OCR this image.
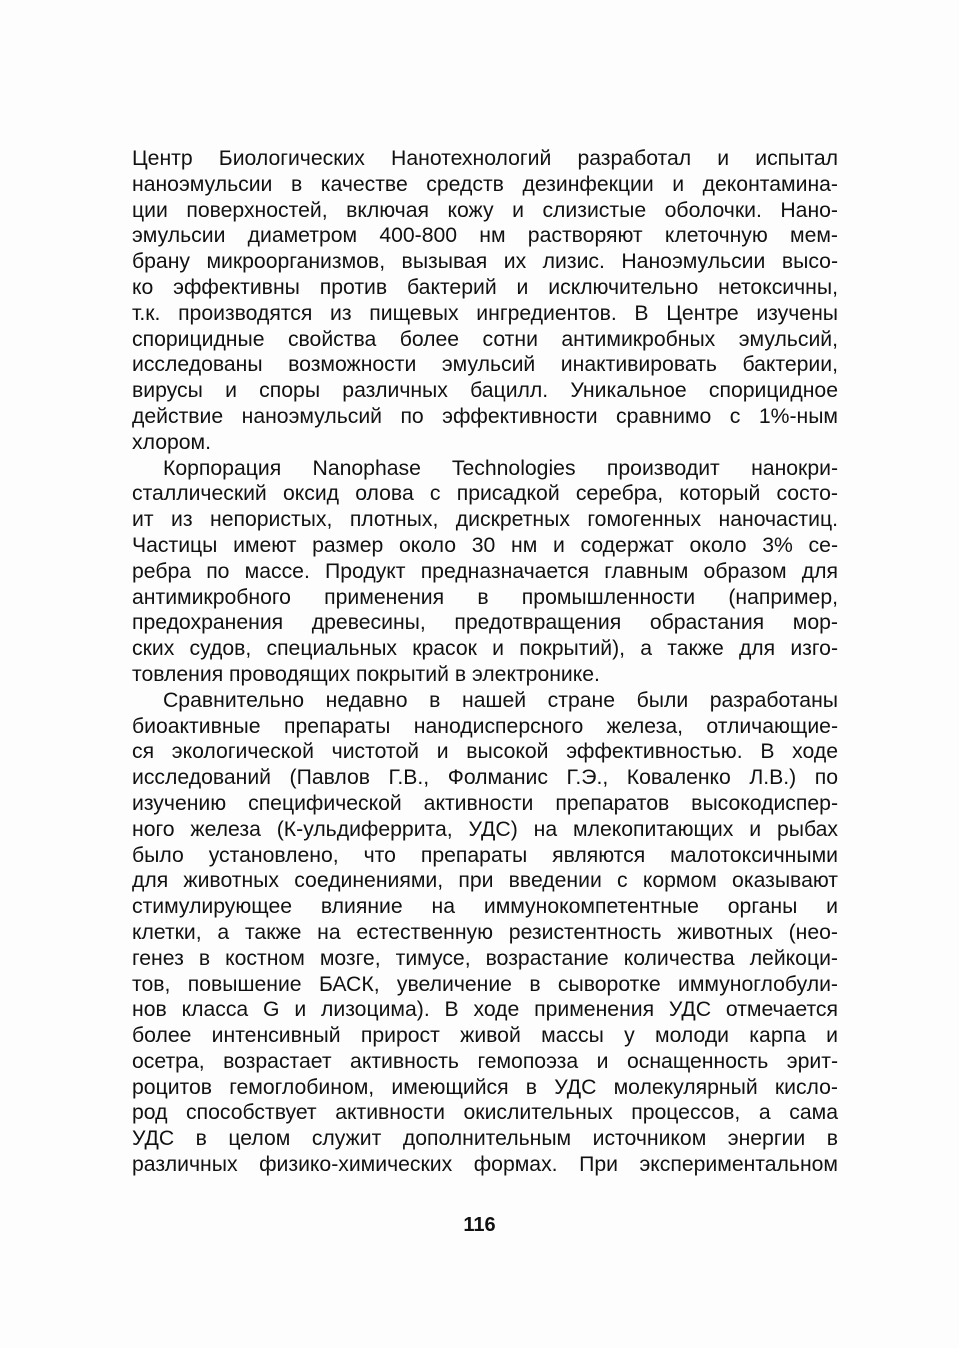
Центр Биологических Нанотехнологий разработал и испытал
наноэмульсии в качестве средств дезинфекции и деконтамина-
ции поверхностей, включая кожу и слизистые оболочки. Нано-
эмульсии диаметром 400-800 нм растворяют клеточную мем-
брану микроорганизмов, вызывая их лизис. Наноэмульсии высо-
ко эффективны против бактерий и исключительно нетоксичны,
т.к. производятся из пищевых ингредиентов. В Центре изучены
спорицидные свойства более сотни антимикробных эмульсий,
исследованы возможности эмульсий инактивировать бактерии,
вирусы и споры различных бацилл. Уникальное спорицидное
действие наноэмульсий по эффективности сравнимо с 1%-ным
хлором.
Корпорация Nanophase Technologies производит нанокри-
сталлический оксид олова с присадкой серебра, который состо-
ит из непористых, плотных, дискретных гомогенных наночастиц.
Частицы имеют размер около 30 нм и содержат около 3% се-
ребра по массе. Продукт предназначается главным образом для
антимикробного применения в промышленности (например,
предохранения древесины, предотвращения обрастания мор-
ских судов, специальных красок и покрытий), а также для изго-
товления проводящих покрытий в электронике.
Сравнительно недавно в нашей стране были разработаны
биоактивные препараты нанодисперсного железа, отличающие-
ся экологической чистотой и высокой эффективностью. В ходе
исследований (Павлов Г.В., Фолманис Г.Э., Коваленко Л.В.) по
изучению специфической активности препаратов высокодиспер-
ного железа (К-ульдиферрита, УДС) на млекопитающих и рыбах
было установлено, что препараты являются малотоксичными
для животных соединениями, при введении с кормом оказывают
стимулирующее влияние на иммунокомпетентные органы и
клетки, а также на естественную резистентность животных (нео-
генез в костном мозге, тимусе, возрастание количества лейкоци-
тов, повышение БАСК, увеличение в сыворотке иммуноглобули-
нов класса G и лизоцима). В ходе применения УДС отмечается
более интенсивный прирост живой массы у молоди карпа и
осетра, возрастает активность гемопоэза и оснащенность эрит-
роцитов гемоглобином, имеющийся в УДС молекулярный кисло-
род способствует активности окислительных процессов, а сама
УДС в целом служит дополнительным источником энергии в
различных физико-химических формах. При экспериментальном
116
